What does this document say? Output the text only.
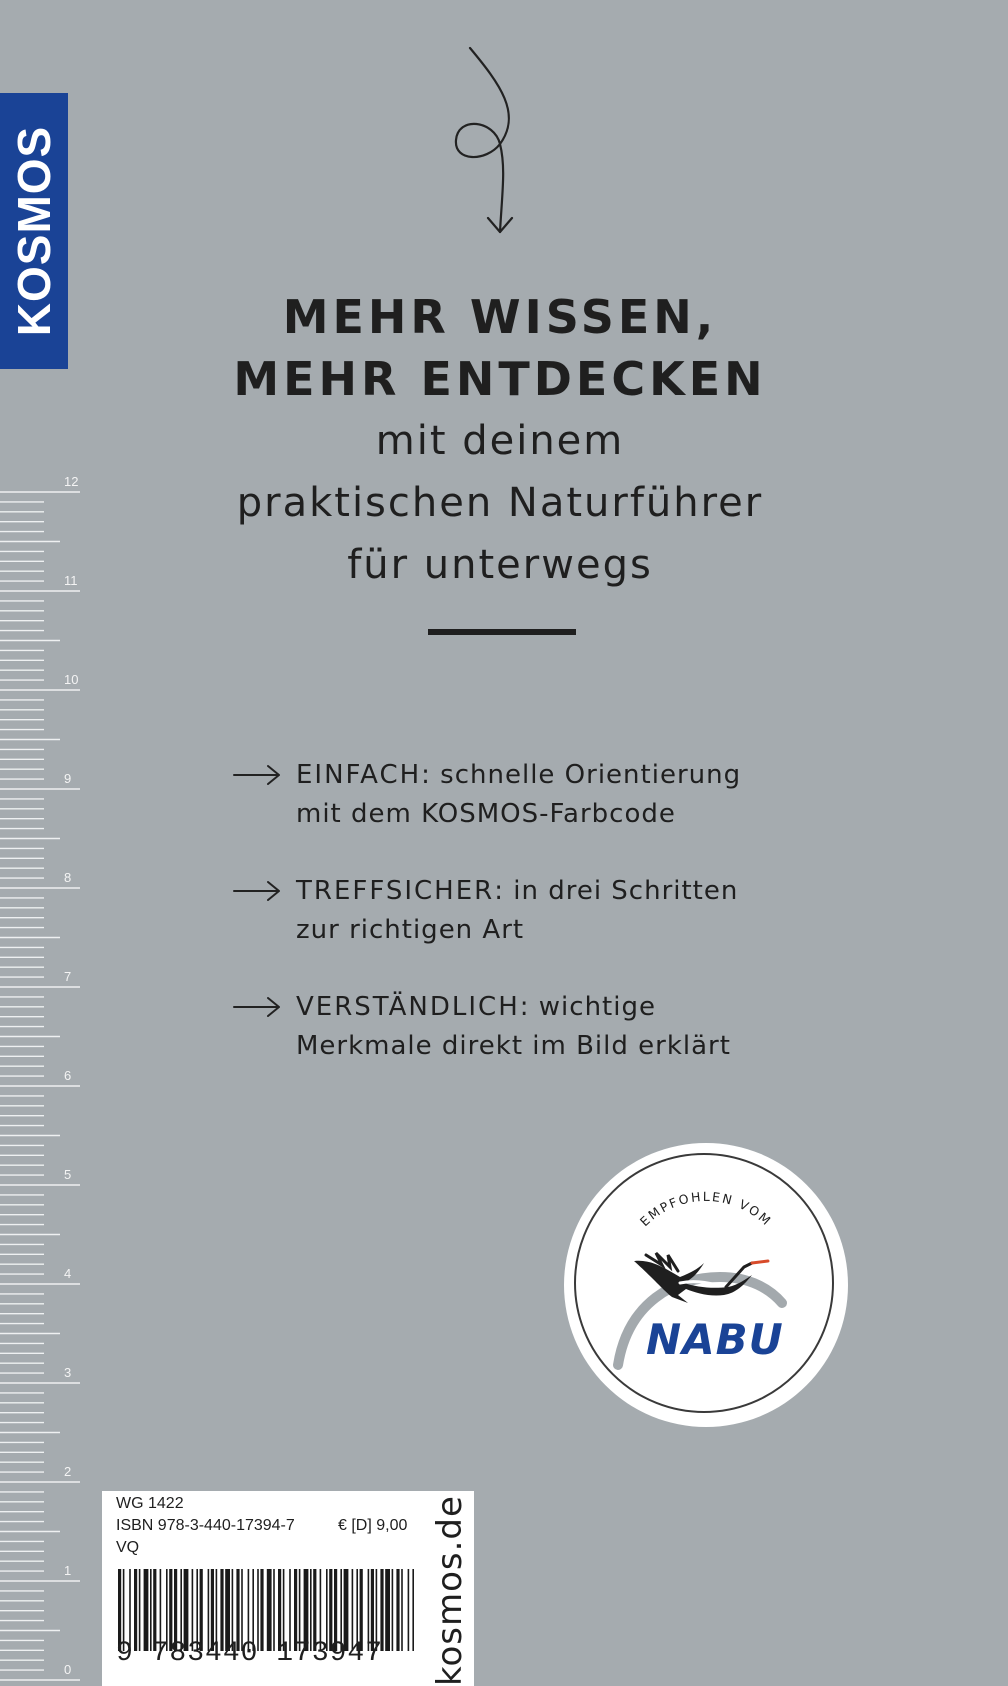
12
11
10
9
8
7
6
5
4
3
2
1
0
KOSMOS	MEHR WISSEN,
MEHR ENTDECKEN

mit deinem

praktischen Naturführer

für unterwegs

EINFACH: schnelle Orientierung
mit dem KOSMOS-Farbcode
TREFFSICHER: in drei Schritten
zur richtigen Art
VERSTÄNDLICH: wichtige
Merkmale direkt im Bild erklärt
EMPFOHLEN VOM
NABU
WG 1422
ISBN 978-3-440-17394-7	€ [D] 9,00
VQ
9 783440 173947	kosmos.de
